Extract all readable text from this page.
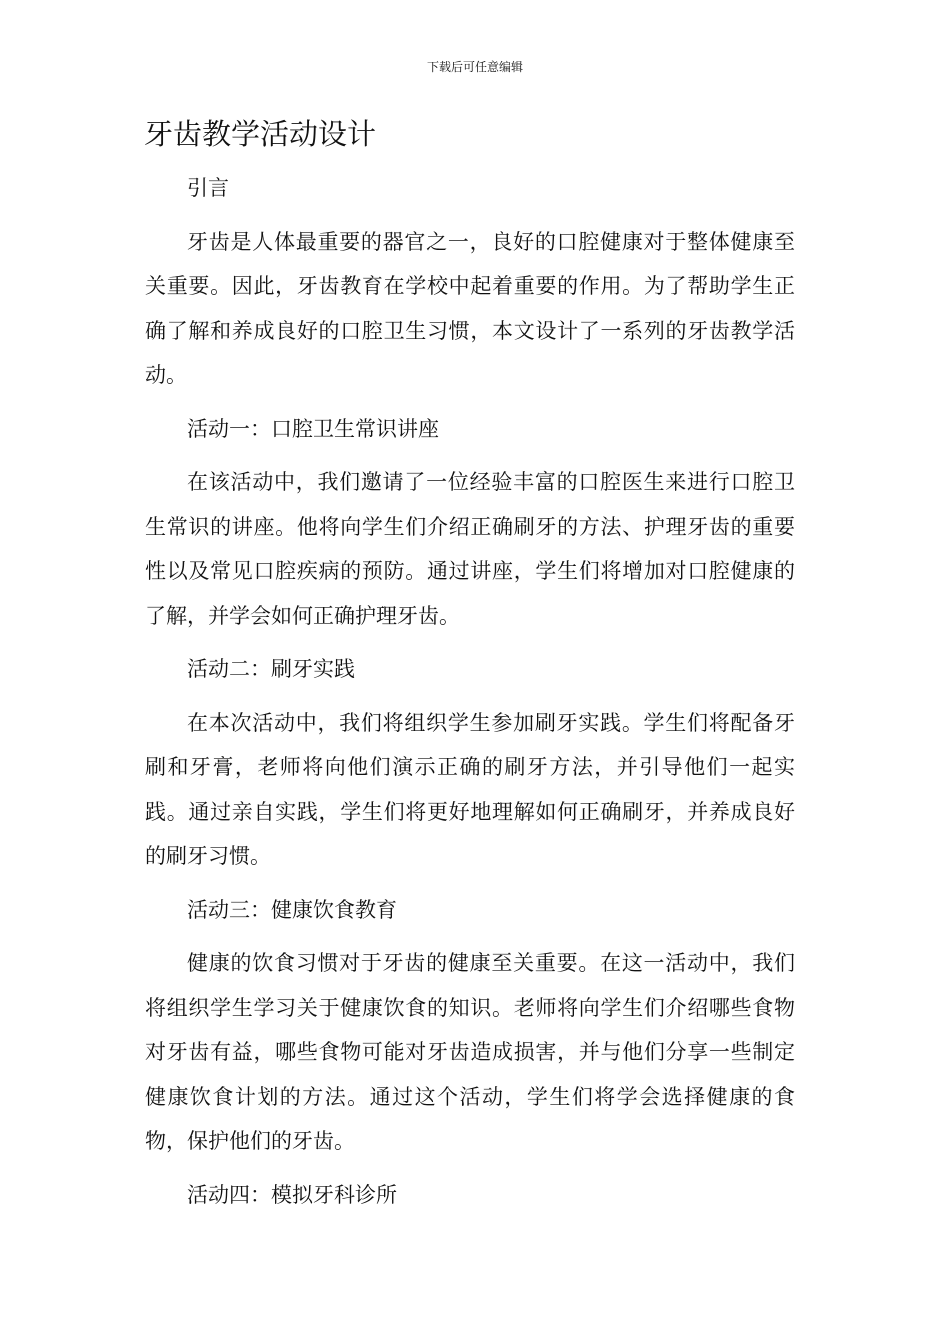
下载后可任意编辑
牙齿教学活动设计

引言

牙齿是人体最重要的器官之一，良好的口腔健康对于整体健康至关重要。因此，牙齿教育在学校中起着重要的作用。为了帮助学生正确了解和养成良好的口腔卫生习惯，本文设计了一系列的牙齿教学活动。

活动一：口腔卫生常识讲座

在该活动中，我们邀请了一位经验丰富的口腔医生来进行口腔卫生常识的讲座。他将向学生们介绍正确刷牙的方法、护理牙齿的重要性以及常见口腔疾病的预防。通过讲座，学生们将增加对口腔健康的了解，并学会如何正确护理牙齿。

活动二：刷牙实践

在本次活动中，我们将组织学生参加刷牙实践。学生们将配备牙刷和牙膏，老师将向他们演示正确的刷牙方法，并引导他们一起实践。通过亲自实践，学生们将更好地理解如何正确刷牙，并养成良好的刷牙习惯。

活动三：健康饮食教育

健康的饮食习惯对于牙齿的健康至关重要。在这一活动中，我们将组织学生学习关于健康饮食的知识。老师将向学生们介绍哪些食物对牙齿有益，哪些食物可能对牙齿造成损害，并与他们分享一些制定健康饮食计划的方法。通过这个活动，学生们将学会选择健康的食物，保护他们的牙齿。

活动四：模拟牙科诊所
